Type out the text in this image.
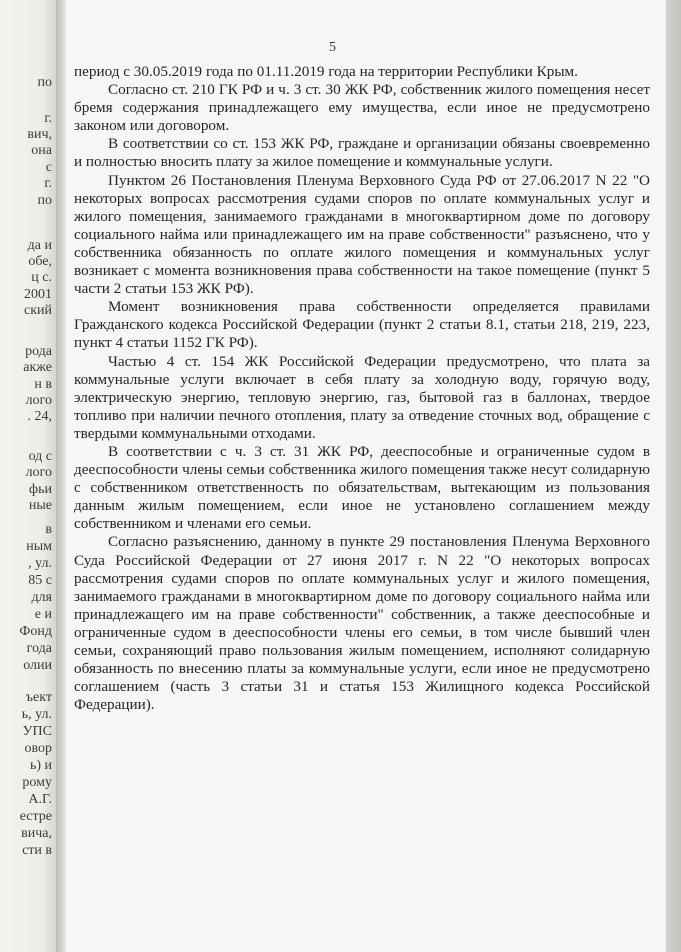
по
г.
вич,
она
с
г.
по
да и
обе,
ц с.
2001
ский
рода
акже
н в
лого
. 24,
од с
лого
фьи
ные
в
ным
, ул.
85 с
для
е и
Фонд
года
олии
ъект
ь, ул.
УПС
овор
ь) и
рому
А.Г.
естре
вича,
сти в
5

период с 30.05.2019 года по 01.11.2019 года на территории Республики Крым.

Согласно ст. 210 ГК РФ и ч. 3 ст. 30 ЖК РФ, собственник жилого помещения несет бремя содержания принадлежащего ему имущества, если иное не предусмотрено законом или договором.

В соответствии со ст. 153 ЖК РФ, граждане и организации обязаны своевременно и полностью вносить плату за жилое помещение и коммунальные услуги.

Пунктом 26 Постановления Пленума Верховного Суда РФ от 27.06.2017 N 22 "О некоторых вопросах рассмотрения судами споров по оплате коммунальных услуг и жилого помещения, занимаемого гражданами в многоквартирном доме по договору социального найма или принадлежащего им на праве собственности" разъяснено, что у собственника обязанность по оплате жилого помещения и коммунальных услуг возникает с момента возникновения права собственности на такое помещение (пункт 5 части 2 статьи 153 ЖК РФ).

Момент возникновения права собственности определяется правилами Гражданского кодекса Российской Федерации (пункт 2 статьи 8.1, статьи 218, 219, 223, пункт 4 статьи 1152 ГК РФ).

Частью 4 ст. 154 ЖК Российской Федерации предусмотрено, что плата за коммунальные услуги включает в себя плату за холодную воду, горячую воду, электрическую энергию, тепловую энергию, газ, бытовой газ в баллонах, твердое топливо при наличии печного отопления, плату за отведение сточных вод, обращение с твердыми коммунальными отходами.

В соответствии с ч. 3 ст. 31 ЖК РФ, дееспособные и ограниченные судом в дееспособности члены семьи собственника жилого помещения также несут солидарную с собственником ответственность по обязательствам, вытекающим из пользования данным жилым помещением, если иное не установлено соглашением между собственником и членами его семьи.

Согласно разъяснению, данному в пункте 29 постановления Пленума Верховного Суда Российской Федерации от 27 июня 2017 г. N 22 "О некоторых вопросах рассмотрения судами споров по оплате коммунальных услуг и жилого помещения, занимаемого гражданами в многоквартирном доме по договору социального найма или принадлежащего им на праве собственности" собственник, а также дееспособные и ограниченные судом в дееспособности члены его семьи, в том числе бывший член семьи, сохраняющий право пользования жилым помещением, исполняют солидарную обязанность по внесению платы за коммунальные услуги, если иное не предусмотрено соглашением (часть 3 статьи 31 и статья 153 Жилищного кодекса Российской Федерации).
